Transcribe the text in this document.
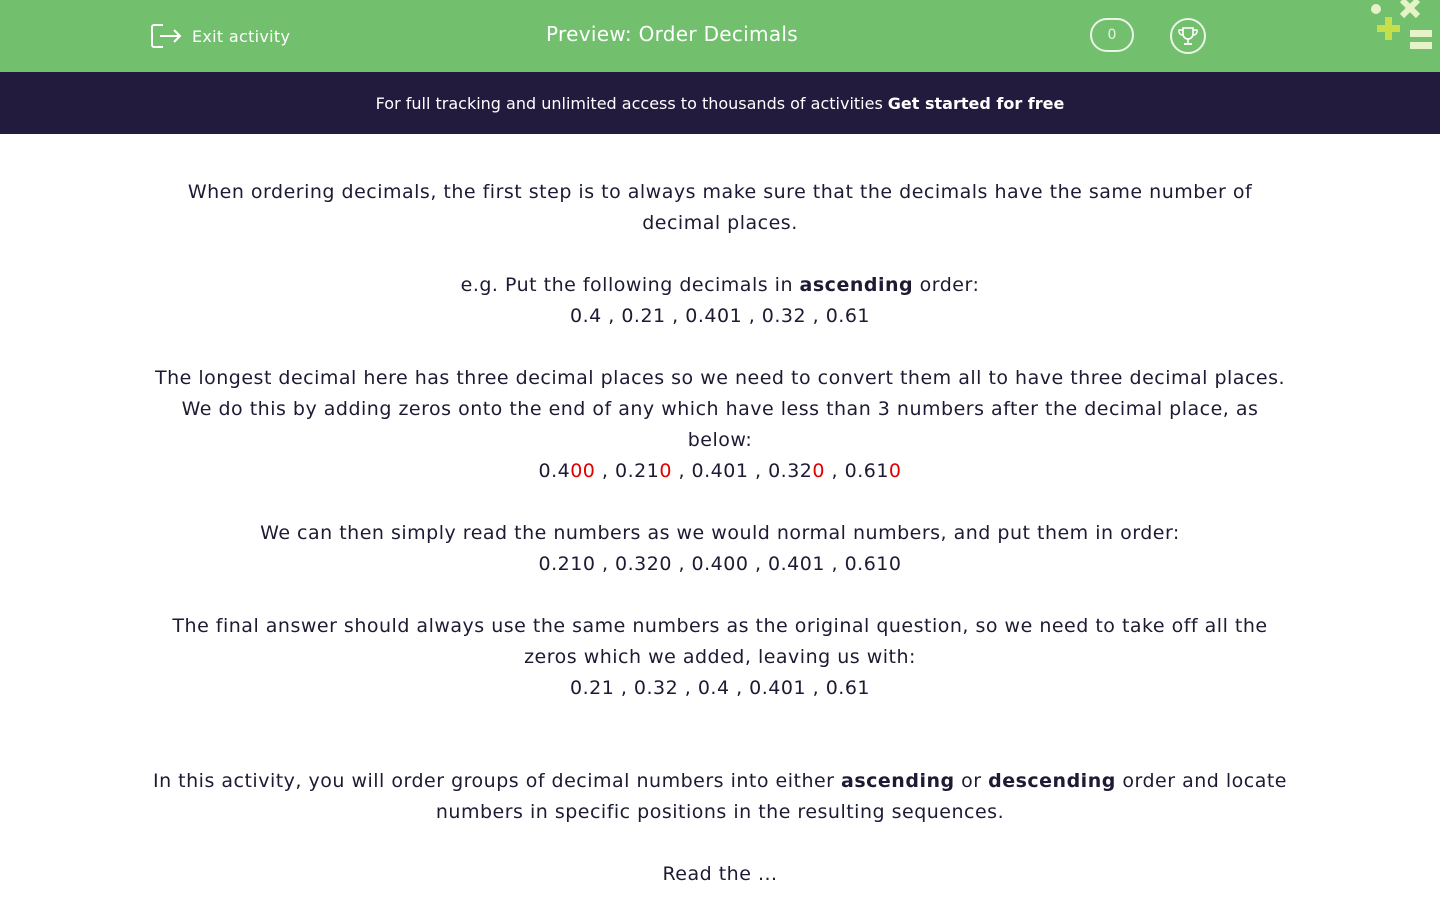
Exit activity	Preview: Order Decimals	0
For full tracking and unlimited access to thousands of activities Get started for free

When ordering decimals, the first step is to always make sure that the decimals have the same number of decimal places.

e.g. Put the following decimals in ascending order:

0.4 , 0.21 , 0.401 , 0.32 , 0.61

The longest decimal here has three decimal places so we need to convert them all to have three decimal places.

We do this by adding zeros onto the end of any which have less than 3 numbers after the decimal place, as below:

0.400 , 0.210 , 0.401 , 0.320 , 0.610

We can then simply read the numbers as we would normal numbers, and put them in order:

0.210 , 0.320 , 0.400 , 0.401 , 0.610

The final answer should always use the same numbers as the original question, so we need to take off all the zeros which we added, leaving us with:

0.21 , 0.32 , 0.4 , 0.401 , 0.61

In this activity, you will order groups of decimal numbers into either ascending or descending order and locate numbers in specific positions in the resulting sequences.

Read the ...
